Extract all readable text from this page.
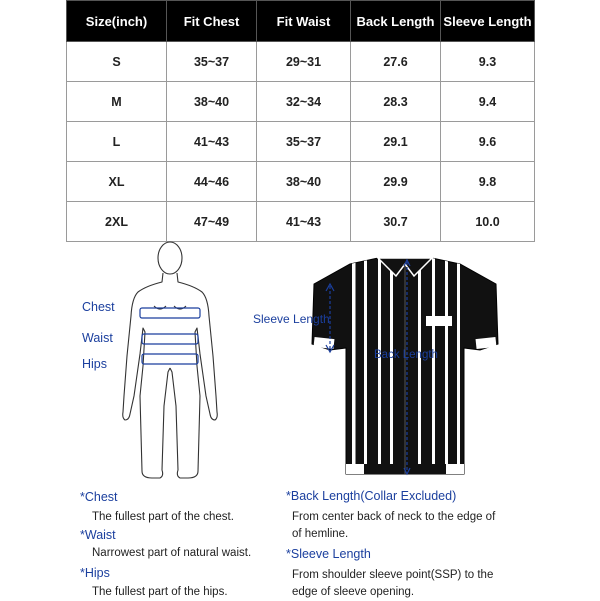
Size(inch)	Fit Chest	Fit Waist	Back Length	Sleeve Length
S	35~37	29~31	27.6	9.3
M	38~40	32~34	28.3	9.4
L	41~43	35~37	29.1	9.6
XL	44~46	38~40	29.9	9.8
2XL	47~49	41~43	30.7	10.0
Chest
Waist
Hips
Sleeve Length
Back Length
*Chest
The fullest part of the chest.
*Waist
Narrowest part of natural waist.
*Hips
The fullest part of the hips.
*Back Length(Collar Excluded)
From center back of neck to the edge of
of hemline.
*Sleeve Length
From shoulder sleeve point(SSP) to the
edge of sleeve opening.
